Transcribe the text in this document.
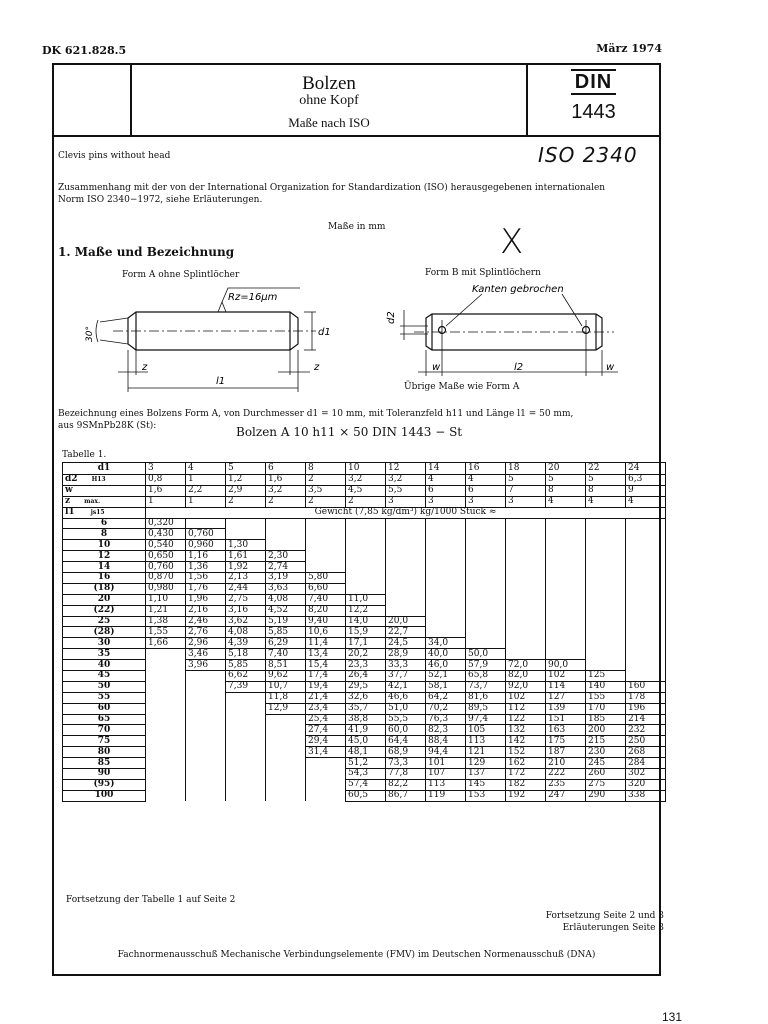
DK 621.828.5	März 1974
Bolzen
ohne Kopf
Maße nach ISO
DIN
1443
Clevis pins without head	ISO 2340
Zusammenhang mit der von der International Organization for Standardization (ISO) herausgegebenen internationalen
Norm ISO 2340−1972, siehe Erläuterungen.
Maße in mm
1. Maße und Bezeichnung	X
Form A ohne Splintlöcher	Form B mit Splintlöchern
Rz=16µm
30°
z	z
l1
d1
Kanten gebrochen
d2
w	l2	w
Übrige Maße wie Form A
Bezeichnung eines Bolzens Form A, von Durchmesser d1 = 10 mm, mit Toleranzfeld h11 und Länge l1 = 50 mm,
aus 9SMnPb28K (St):	Bolzen A 10 h11 × 50 DIN 1443 − St
Tabelle 1.
d1	3	4	5	6	8	10	12	14	16	18	20	22	24
d2 H13	0,8	1	1,2	1,6	2	3,2	3,2	4	4	5	5	5	6,3
w	1,6	2,2	2,9	3,2	3,5	4,5	5,5	6	6	7	8	8	9
z max.	1	1	2	2	2	2	3	3	3	3	4	4	4
l1 js15	Gewicht (7,85 kg/dm³) kg/1000 Stück ≈												
6	0,320												
8	0,430	0,760											
10	0,540	0,960	1,30										
12	0,650	1,16	1,61	2,30									
14	0,760	1,36	1,92	2,74									
16	0,870	1,56	2,13	3,19	5,80								
(18)	0,980	1,76	2,44	3,63	6,60								
20	1,10	1,96	2,75	4,08	7,40	11,0							
(22)	1,21	2,16	3,16	4,52	8,20	12,2							
25	1,38	2,46	3,62	5,19	9,40	14,0	20,0						
(28)	1,55	2,76	4,08	5,85	10,6	15,9	22,7						
30	1,66	2,96	4,39	6,29	11,4	17,1	24,5	34,0					
35		3,46	5,18	7,40	13,4	20,2	28,9	40,0	50,0				
40		3,96	5,85	8,51	15,4	23,3	33,3	46,0	57,9	72,0	90,0		
45			6,62	9,62	17,4	26,4	37,7	52,1	65,8	82,0	102	125	
50			7,39	10,7	19,4	29,5	42,1	58,1	73,7	92,0	114	140	160
55				11,8	21,4	32,6	46,6	64,2	81,6	102	127	155	178
60				12,9	23,4	35,7	51,0	70,2	89,5	112	139	170	196
65					25,4	38,8	55,5	76,3	97,4	122	151	185	214
70					27,4	41,9	60,0	82,3	105	132	163	200	232
75					29,4	45,0	64,4	88,4	113	142	175	215	250
80					31,4	48,1	68,9	94,4	121	152	187	230	268
85						51,2	73,3	101	129	162	210	245	284
90						54,3	77,8	107	137	172	222	260	302
(95)						57,4	82,2	113	145	182	235	275	320
100						60,5	86,7	119	153	192	247	290	338
Fortsetzung der Tabelle 1 auf Seite 2
Fortsetzung Seite 2 und 3
Erläuterungen Seite 3
Fachnormenausschuß Mechanische Verbindungselemente (FMV) im Deutschen Normenausschuß (DNA)
131
